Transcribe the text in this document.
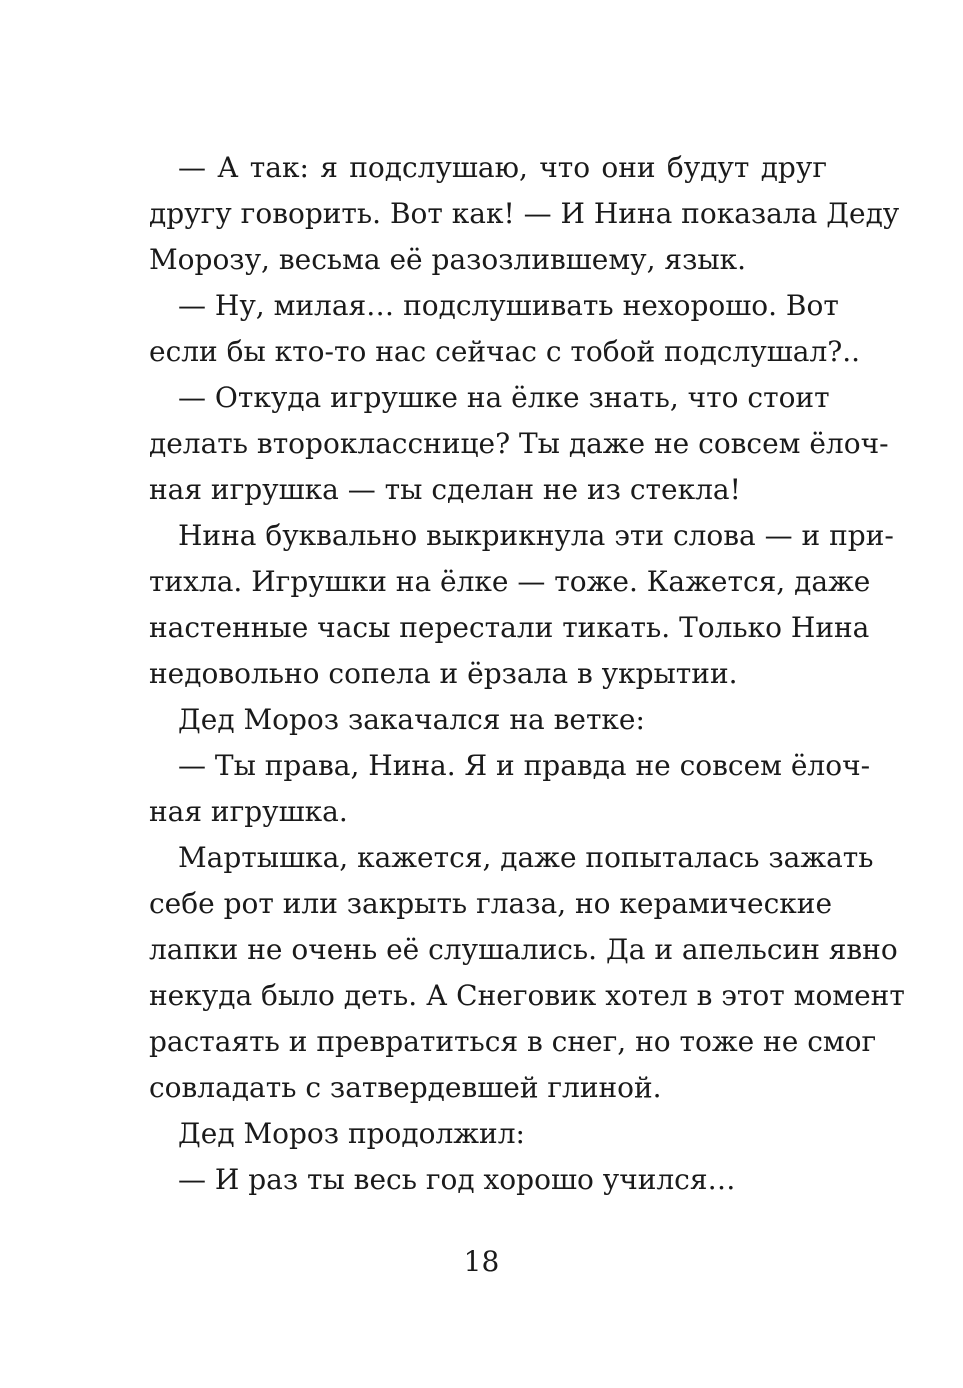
— А так: я подслушаю, что они будут друг
другу говорить. Вот как! — И Нина показала Деду
Морозу, весьма её разозлившему, язык.
— Ну, милая… подслушивать нехорошо. Вот
если бы кто-то нас сейчас с тобой подслушал?..
— Откуда игрушке на ёлке знать, что стоит
делать второкласснице? Ты даже не совсем ёлоч-
ная игрушка — ты сделан не из стекла!
Нина буквально выкрикнула эти слова — и при-
тихла. Игрушки на ёлке — тоже. Кажется, даже
настенные часы перестали тикать. Только Нина
недовольно сопела и ёрзала в укрытии.
Дед Мороз закачался на ветке:
— Ты права, Нина. Я и правда не совсем ёлоч-
ная игрушка.
Мартышка, кажется, даже попыталась зажать
себе рот или закрыть глаза, но керамические
лапки не очень её слушались. Да и апельсин явно
некуда было деть. А Снеговик хотел в этот момент
растаять и превратиться в снег, но тоже не смог
совладать с затвердевшей глиной.
Дед Мороз продолжил:
— И раз ты весь год хорошо учился…
18
